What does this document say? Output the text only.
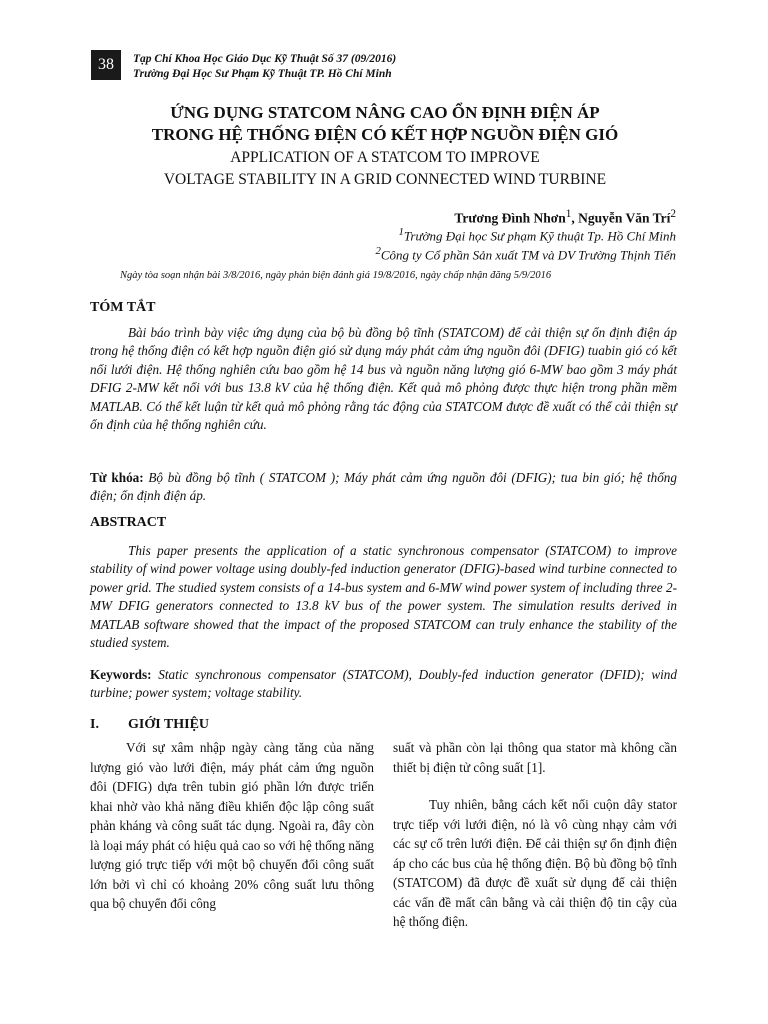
38 Tạp Chí Khoa Học Giáo Dục Kỹ Thuật Số 37 (09/2016)
Trường Đại Học Sư Phạm Kỹ Thuật TP. Hồ Chí Minh
ỨNG DỤNG STATCOM NÂNG CAO ỔN ĐỊNH ĐIỆN ÁP
TRONG HỆ THỐNG ĐIỆN CÓ KẾT HỢP NGUỒN ĐIỆN GIÓ
APPLICATION OF A STATCOM TO IMPROVE
VOLTAGE STABILITY IN A GRID CONNECTED WIND TURBINE
Trương Đình Nhơn$^1$, Nguyễn Văn Trí$^2$
$^1$Trường Đại học Sư phạm Kỹ thuật Tp. Hồ Chí Minh
$^2$Công ty Cổ phần Sản xuất TM và DV Trường Thịnh Tiến
Ngày tòa soạn nhận bài 3/8/2016, ngày phản biện đánh giá 19/8/2016, ngày chấp nhận đăng 5/9/2016
TÓM TẮT
Bài báo trình bày việc ứng dụng của bộ bù đồng bộ tĩnh (STATCOM) để cải thiện sự ổn định điện áp trong hệ thống điện có kết hợp nguồn điện gió sử dụng máy phát cảm ứng nguồn đôi (DFIG) tuabin gió có kết nối lưới điện. Hệ thống nghiên cứu bao gồm hệ 14 bus và nguồn năng lượng gió 6-MW bao gồm 3 máy phát DFIG 2-MW kết nối với bus 13.8 kV của hệ thống điện. Kết quả mô phỏng được thực hiện trong phần mềm MATLAB. Có thể kết luận từ kết quả mô phỏng rằng tác động của STATCOM được đề xuất có thể cải thiện sự ổn định của hệ thống nghiên cứu.
Từ khóa: Bộ bù đồng bộ tĩnh ( STATCOM ); Máy phát cảm ứng nguồn đôi (DFIG); tua bin gió; hệ thống điện; ổn định điện áp.
ABSTRACT
This paper presents the application of a static synchronous compensator (STATCOM) to improve stability of wind power voltage using doubly-fed induction generator (DFIG)-based wind turbine connected to power grid. The studied system consists of a 14-bus system and 6-MW wind power system of including three 2-MW DFIG generators connected to 13.8 kV bus of the power system. The simulation results derived in MATLAB software showed that the impact of the proposed STATCOM can truly enhance the stability of the studied system.
Keywords: Static synchronous compensator (STATCOM), Doubly-fed induction generator (DFID); wind turbine; power system; voltage stability.
I. GIỚI THIỆU

Với sự xâm nhập ngày càng tăng của năng lượng gió vào lưới điện, máy phát cảm ứng nguồn đôi (DFIG) dựa trên tubin gió phần lớn được triển khai nhờ vào khả năng điều khiển độc lập công suất phản kháng và công suất tác dụng. Ngoài ra, đây còn là loại máy phát có hiệu quả cao so với hệ thống năng lượng gió trực tiếp với một bộ chuyển đổi công suất lớn bởi vì chỉ có khoảng 20% công suất lưu thông qua bộ chuyển đổi công

suất và phần còn lại thông qua stator mà không cần thiết bị điện tử công suất [1].

Tuy nhiên, bằng cách kết nối cuộn dây stator trực tiếp với lưới điện, nó là vô cùng nhạy cảm với các sự cố trên lưới điện. Để cải thiện sự ổn định điện áp cho các bus của hệ thống điện. Bộ bù đồng bộ tĩnh (STATCOM) đã được đề xuất sử dụng để cải thiện các vấn đề mất cân bằng và cải thiện độ tin cậy của hệ thống điện.
